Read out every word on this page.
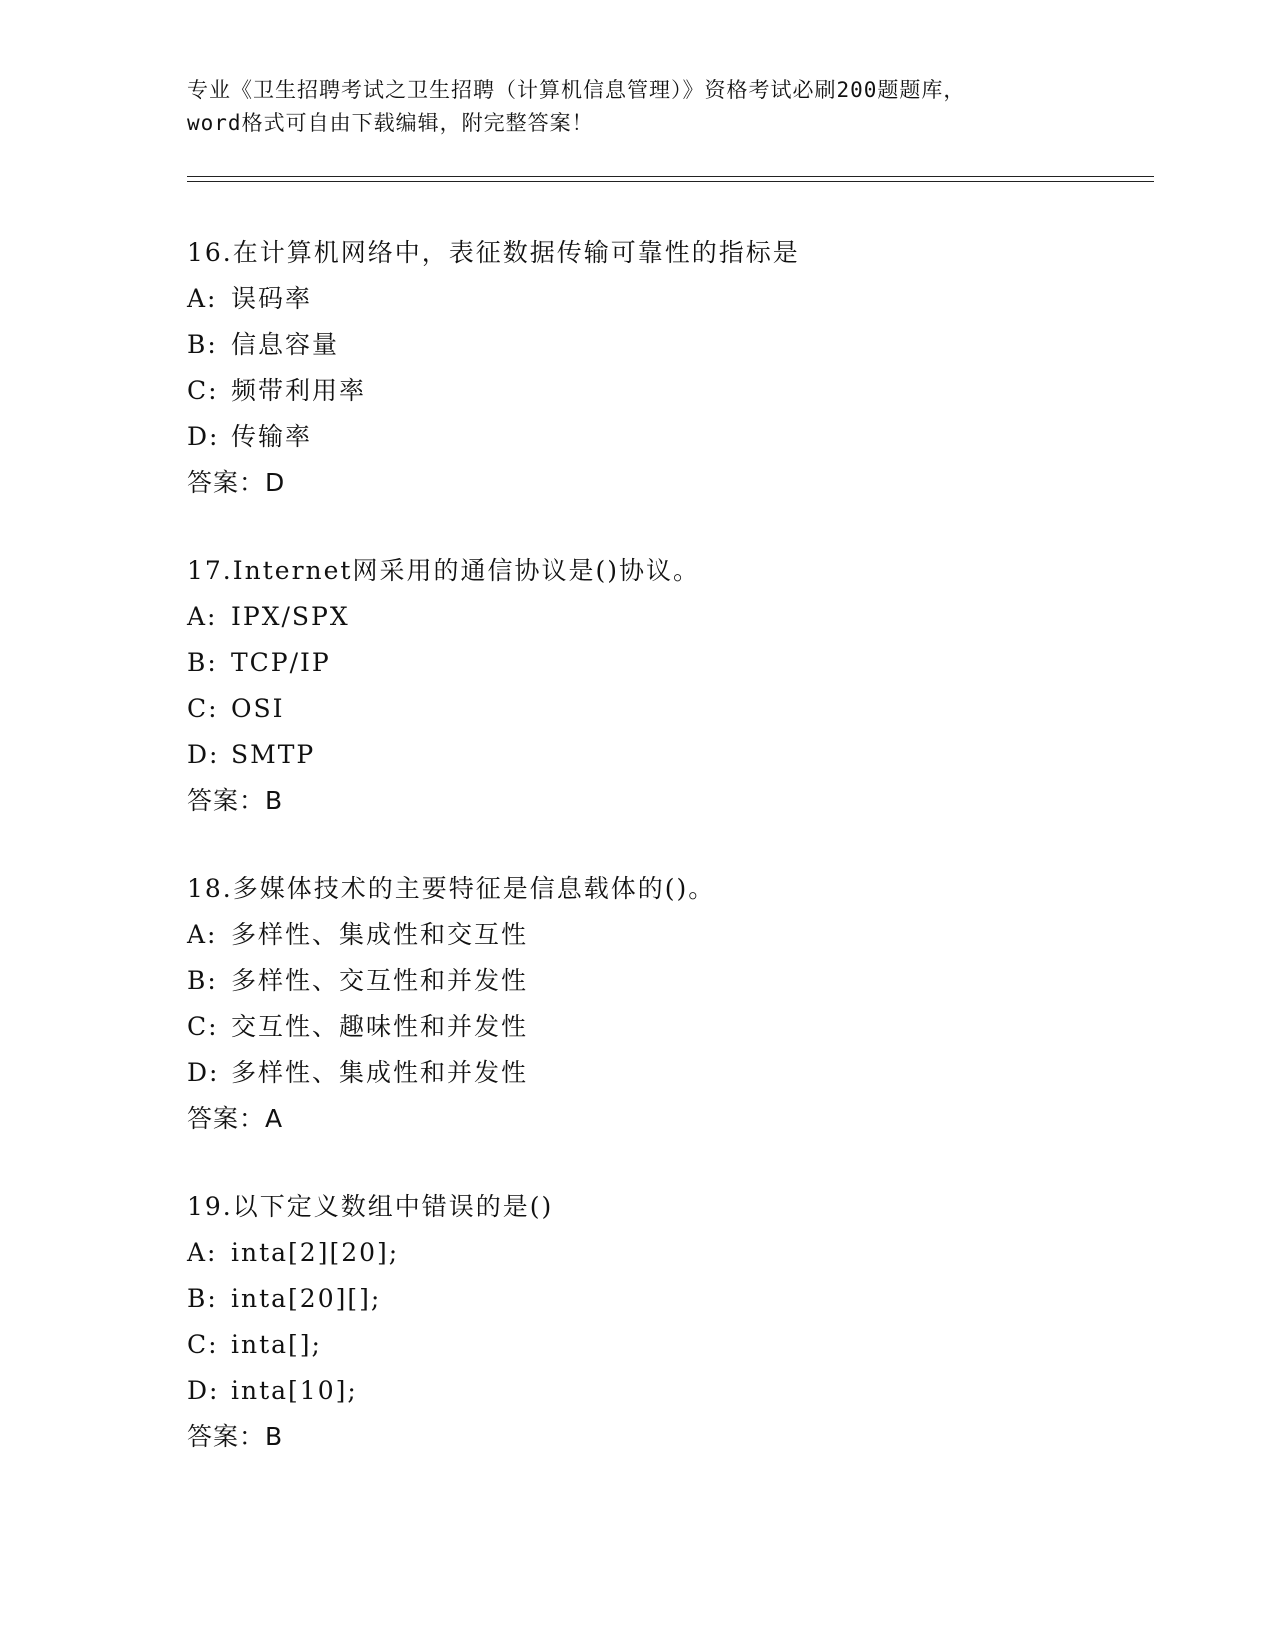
专业《卫生招聘考试之卫生招聘（计算机信息管理）》资格考试必刷200题题库，
word格式可自由下载编辑，附完整答案！
16.在计算机网络中，表征数据传输可靠性的指标是
A: 误码率
B: 信息容量
C: 频带利用率
D: 传输率
答案：D
17.Internet网采用的通信协议是()协议。
A: IPX/SPX
B: TCP/IP
C: OSI
D: SMTP
答案：B
18.多媒体技术的主要特征是信息载体的()。
A: 多样性、集成性和交互性
B: 多样性、交互性和并发性
C: 交互性、趣味性和并发性
D: 多样性、集成性和并发性
答案：A
19.以下定义数组中错误的是()
A: inta[2][20];
B: inta[20][];
C: inta[];
D: inta[10];
答案：B
